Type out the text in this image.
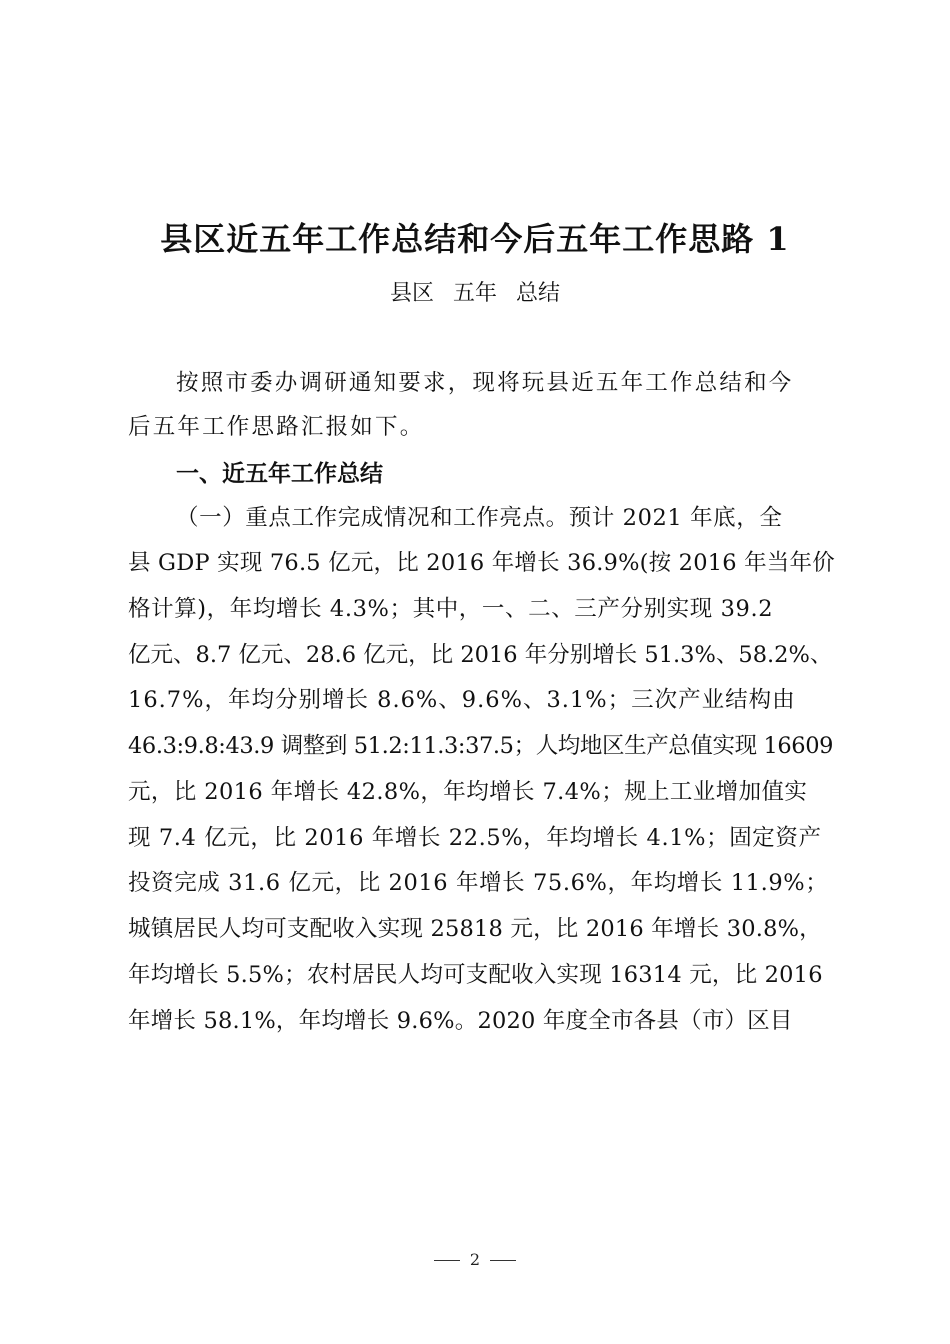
县区近五年工作总结和今后五年工作思路 1
县区 五年 总结
按照市委办调研通知要求，现将玩县近五年工作总结和今
后五年工作思路汇报如下。
一、近五年工作总结
（一）重点工作完成情况和工作亮点。预计 2021 年底，全
县 GDP 实现 76.5 亿元，比 2016 年增长 36.9%(按 2016 年当年价
格计算)，年均增长 4.3%；其中，一、二、三产分别实现 39.2
亿元、8.7 亿元、28.6 亿元，比 2016 年分别增长 51.3%、58.2%、
16.7%，年均分别增长 8.6%、9.6%、3.1%；三次产业结构由
46.3:9.8:43.9 调整到 51.2:11.3:37.5；人均地区生产总值实现 16609
元，比 2016 年增长 42.8%，年均增长 7.4%；规上工业增加值实
现 7.4 亿元，比 2016 年增长 22.5%，年均增长 4.1%；固定资产
投资完成 31.6 亿元，比 2016 年增长 75.6%，年均增长 11.9%；
城镇居民人均可支配收入实现 25818 元，比 2016 年增长 30.8%，
年均增长 5.5%；农村居民人均可支配收入实现 16314 元，比 2016
年增长 58.1%，年均增长 9.6%。2020 年度全市各县（市）区目
2
